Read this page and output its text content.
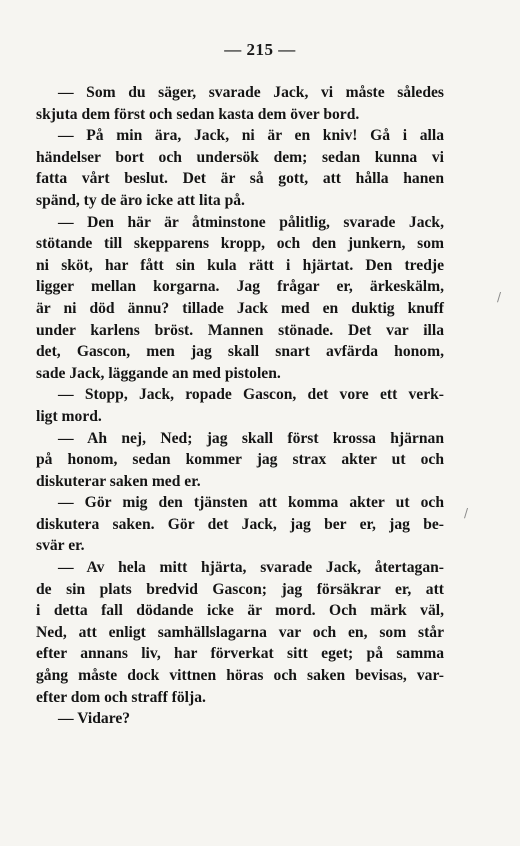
— 215 —
— Som du säger, svarade Jack, vi måste således
skjuta dem först och sedan kasta dem över bord.
— På min ära, Jack, ni är en kniv! Gå i alla
händelser bort och undersök dem; sedan kunna vi
fatta vårt beslut. Det är så gott, att hålla hanen
spänd, ty de äro icke att lita på.
— Den här är åtminstone pålitlig, svarade Jack,
stötande till skepparens kropp, och den junkern, som
ni sköt, har fått sin kula rätt i hjärtat. Den tredje
ligger mellan korgarna. Jag frågar er, ärkeskälm,
är ni död ännu? tillade Jack med en duktig knuff
under karlens bröst. Mannen stönade. Det var illa
det, Gascon, men jag skall snart avfärda honom,
sade Jack, läggande an med pistolen.
— Stopp, Jack, ropade Gascon, det vore ett verk-
ligt mord.
— Ah nej, Ned; jag skall först krossa hjärnan
på honom, sedan kommer jag strax akter ut och
diskuterar saken med er.
— Gör mig den tjänsten att komma akter ut och
diskutera saken. Gör det Jack, jag ber er, jag be-
svär er.
— Av hela mitt hjärta, svarade Jack, återtagan-
de sin plats bredvid Gascon; jag försäkrar er, att
i detta fall dödande icke är mord. Och märk väl,
Ned, att enligt samhällslagarna var och en, som står
efter annans liv, har förverkat sitt eget; på samma
gång måste dock vittnen höras och saken bevisas, var-
efter dom och straff följa.
— Vidare?
/
/
